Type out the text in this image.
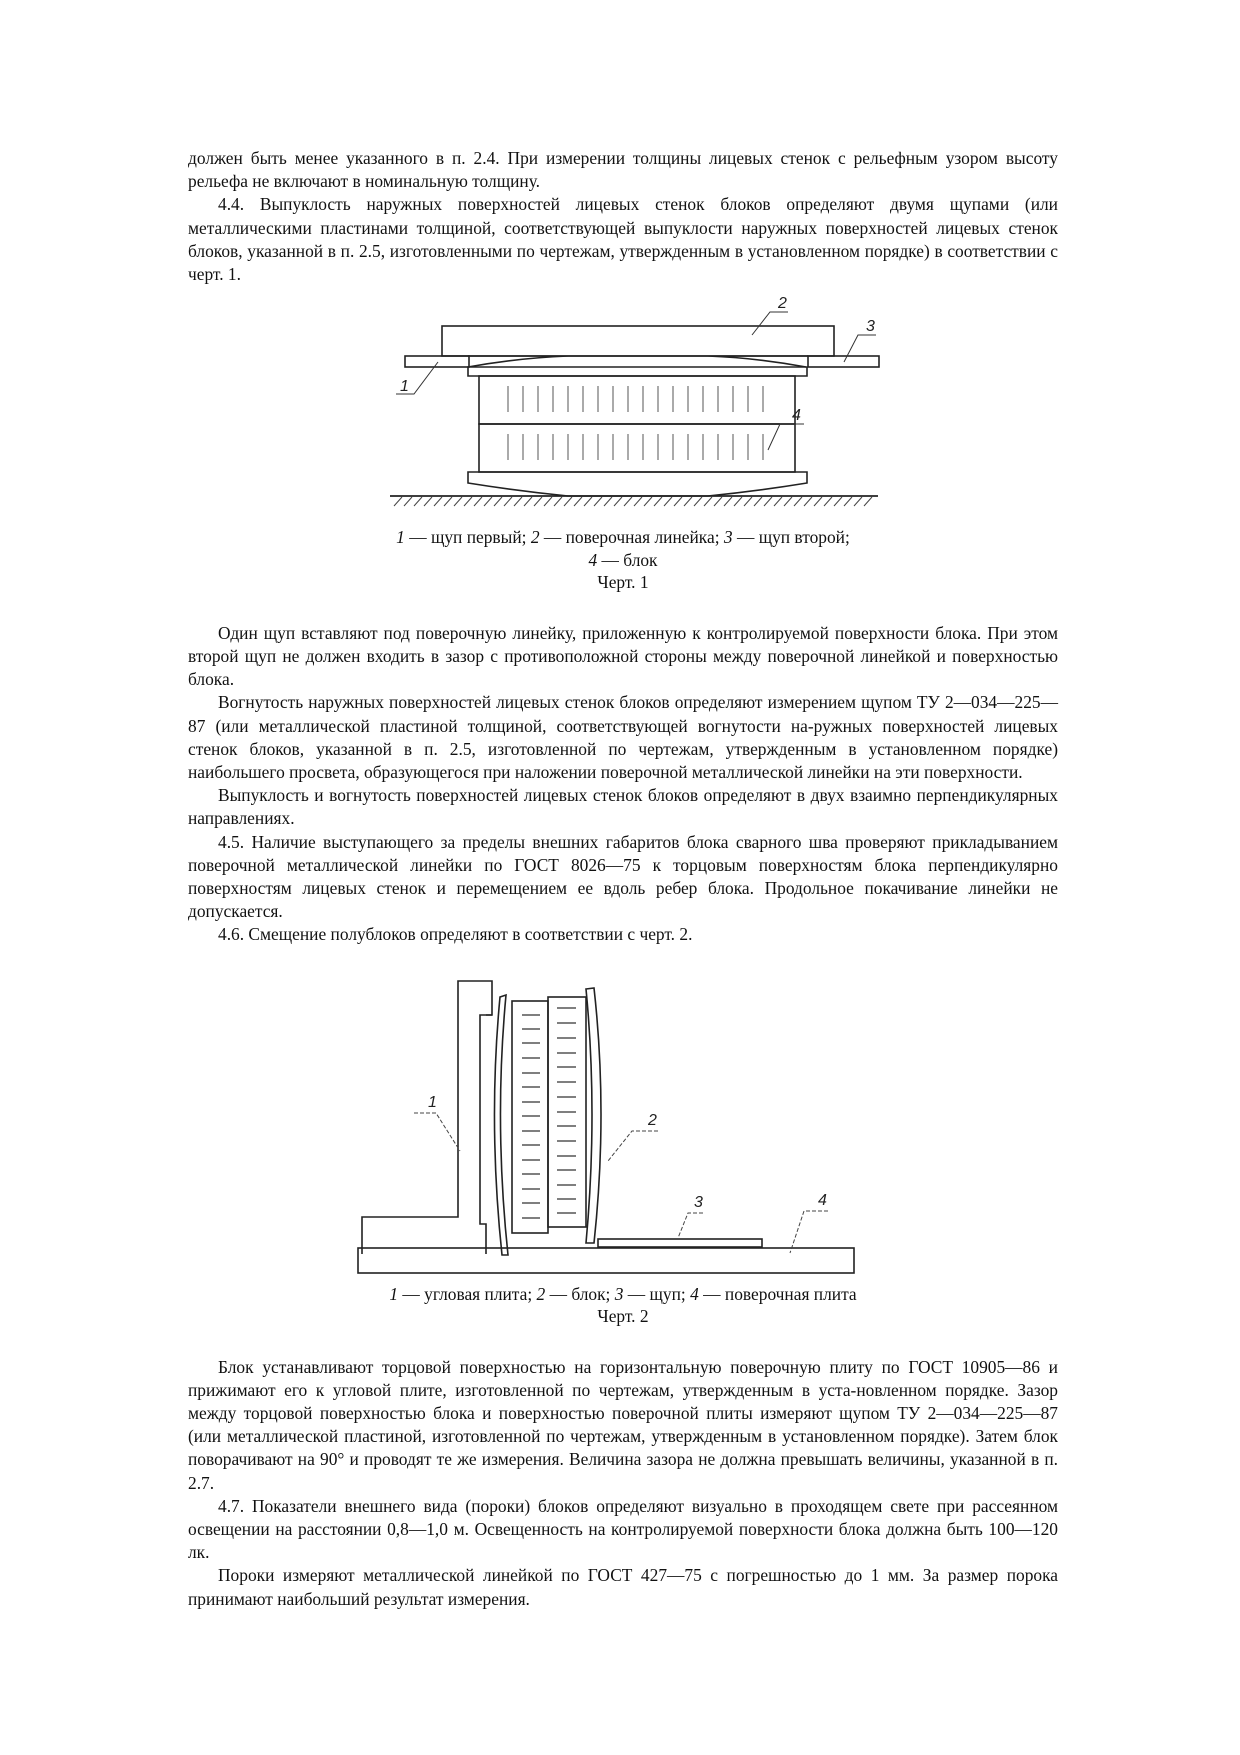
должен быть менее указанного в п. 2.4. При измерении толщины лицевых стенок с рельефным узором высоту рельефа не включают в номинальную толщину.

4.4. Выпуклость наружных поверхностей лицевых стенок блоков определяют двумя щупами (или металлическими пластинами толщиной, соответствующей выпуклости наружных поверхностей лицевых стенок блоков, указанной в п. 2.5, изготовленными по чертежам, утвержденным в установленном порядке) в соответствии с черт. 1.

1
2
3
4
1 — щуп первый; 2 — поверочная линейка; 3 — щуп второй;
4 — блок
Черт. 1

Один щуп вставляют под поверочную линейку, приложенную к контролируемой поверхности блока. При этом второй щуп не должен входить в зазор с противоположной стороны между поверочной линейкой и поверхностью блока.

Вогнутость наружных поверхностей лицевых стенок блоков определяют измерением щупом ТУ 2—034—225—87 (или металлической пластиной толщиной, соответствующей вогнутости на-ружных поверхностей лицевых стенок блоков, указанной в п. 2.5, изготовленной по чертежам, утвержденным в установленном порядке) наибольшего просвета, образующегося при наложении поверочной металлической линейки на эти поверхности.

Выпуклость и вогнутость поверхностей лицевых стенок блоков определяют в двух взаимно перпендикулярных направлениях.

4.5. Наличие выступающего за пределы внешних габаритов блока сварного шва проверяют прикладыванием поверочной металлической линейки по ГОСТ 8026—75 к торцовым поверхностям блока перпендикулярно поверхностям лицевых стенок и перемещением ее вдоль ребер блока. Продольное покачивание линейки не допускается.

4.6. Смещение полублоков определяют в соответствии с черт. 2.

1
2
3	4
1 — угловая плита; 2 — блок; 3 — щуп; 4 — поверочная плита
Черт. 2

Блок устанавливают торцовой поверхностью на горизонтальную поверочную плиту по ГОСТ 10905—86 и прижимают его к угловой плите, изготовленной по чертежам, утвержденным в уста-новленном порядке. Зазор между торцовой поверхностью блока и поверхностью поверочной плиты измеряют щупом ТУ 2—034—225—87 (или металлической пластиной, изготовленной по чертежам, утвержденным в установленном порядке). Затем блок поворачивают на 90° и проводят те же измерения. Величина зазора не должна превышать величины, указанной в п. 2.7.

4.7. Показатели внешнего вида (пороки) блоков определяют визуально в проходящем свете при рассеянном освещении на расстоянии 0,8—1,0 м. Освещенность на контролируемой поверхности блока должна быть 100—120 лк.

Пороки измеряют металлической линейкой по ГОСТ 427—75 с погрешностью до 1 мм. За размер порока принимают наибольший результат измерения.
